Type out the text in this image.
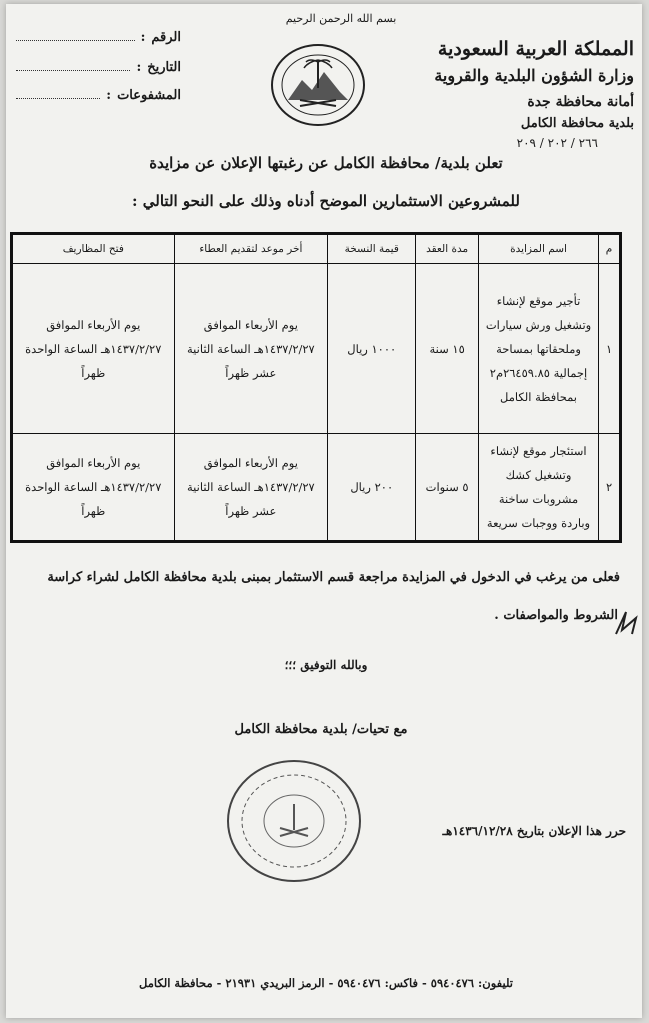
بسم الله الرحمن الرحيم
المملكة العربية السعودية
وزارة الشؤون البلدية والقروية
أمانة محافظة جدة
بلدية محافظة الكامل
٢٦٦ / ٢٠٢ / ٢٠٩
الرقم
:
التاريخ
:
المشفوعات
:
تعلن بلدية/ محافظة الكامل عن رغبتها الإعلان عن مزايدة
للمشروعين الاستثمارين الموضح أدناه وذلك على النحو التالي :
م	اسم المزايدة	مدة العقد	قيمة النسخة	أخر موعد لتقديم العطاء	فتح المظاريف
١	تأجير موقع لإنشاء وتشغيل ورش سيارات وملحقاتها بمساحة إجمالية ٢٦٤٥٩.٨٥م٢ بمحافظة الكامل	١٥ سنة	١٠٠٠ ريال	يوم الأربعاء الموافق ١٤٣٧/٢/٢٧هـ الساعة الثانية عشر ظهراً	يوم الأربعاء الموافق ١٤٣٧/٢/٢٧هـ الساعة الواحدة ظهراً
٢	استئجار موقع لإنشاء وتشغيل كشك مشروبات ساخنة وباردة ووجبات سريعة	٥ سنوات	٢٠٠ ريال	يوم الأربعاء الموافق ١٤٣٧/٢/٢٧هـ الساعة الثانية عشر ظهراً	يوم الأربعاء الموافق ١٤٣٧/٢/٢٧هـ الساعة الواحدة ظهراً
فعلى من يرغب في الدخول في المزايدة مراجعة قسم الاستثمار بمبنى بلدية محافظة الكامل لشراء كراسة
الشروط والمواصفات .
وبالله التوفيق ؛؛؛
مع تحيات/ بلدية محافظة الكامل
حرر هذا الإعلان بتاريخ ١٤٣٦/١٢/٢٨هـ
تليفون: ٥٩٤٠٤٧٦ - فاكس: ٥٩٤٠٤٧٦ - الرمز البريدي ٢١٩٣١ - محافظة الكامل
